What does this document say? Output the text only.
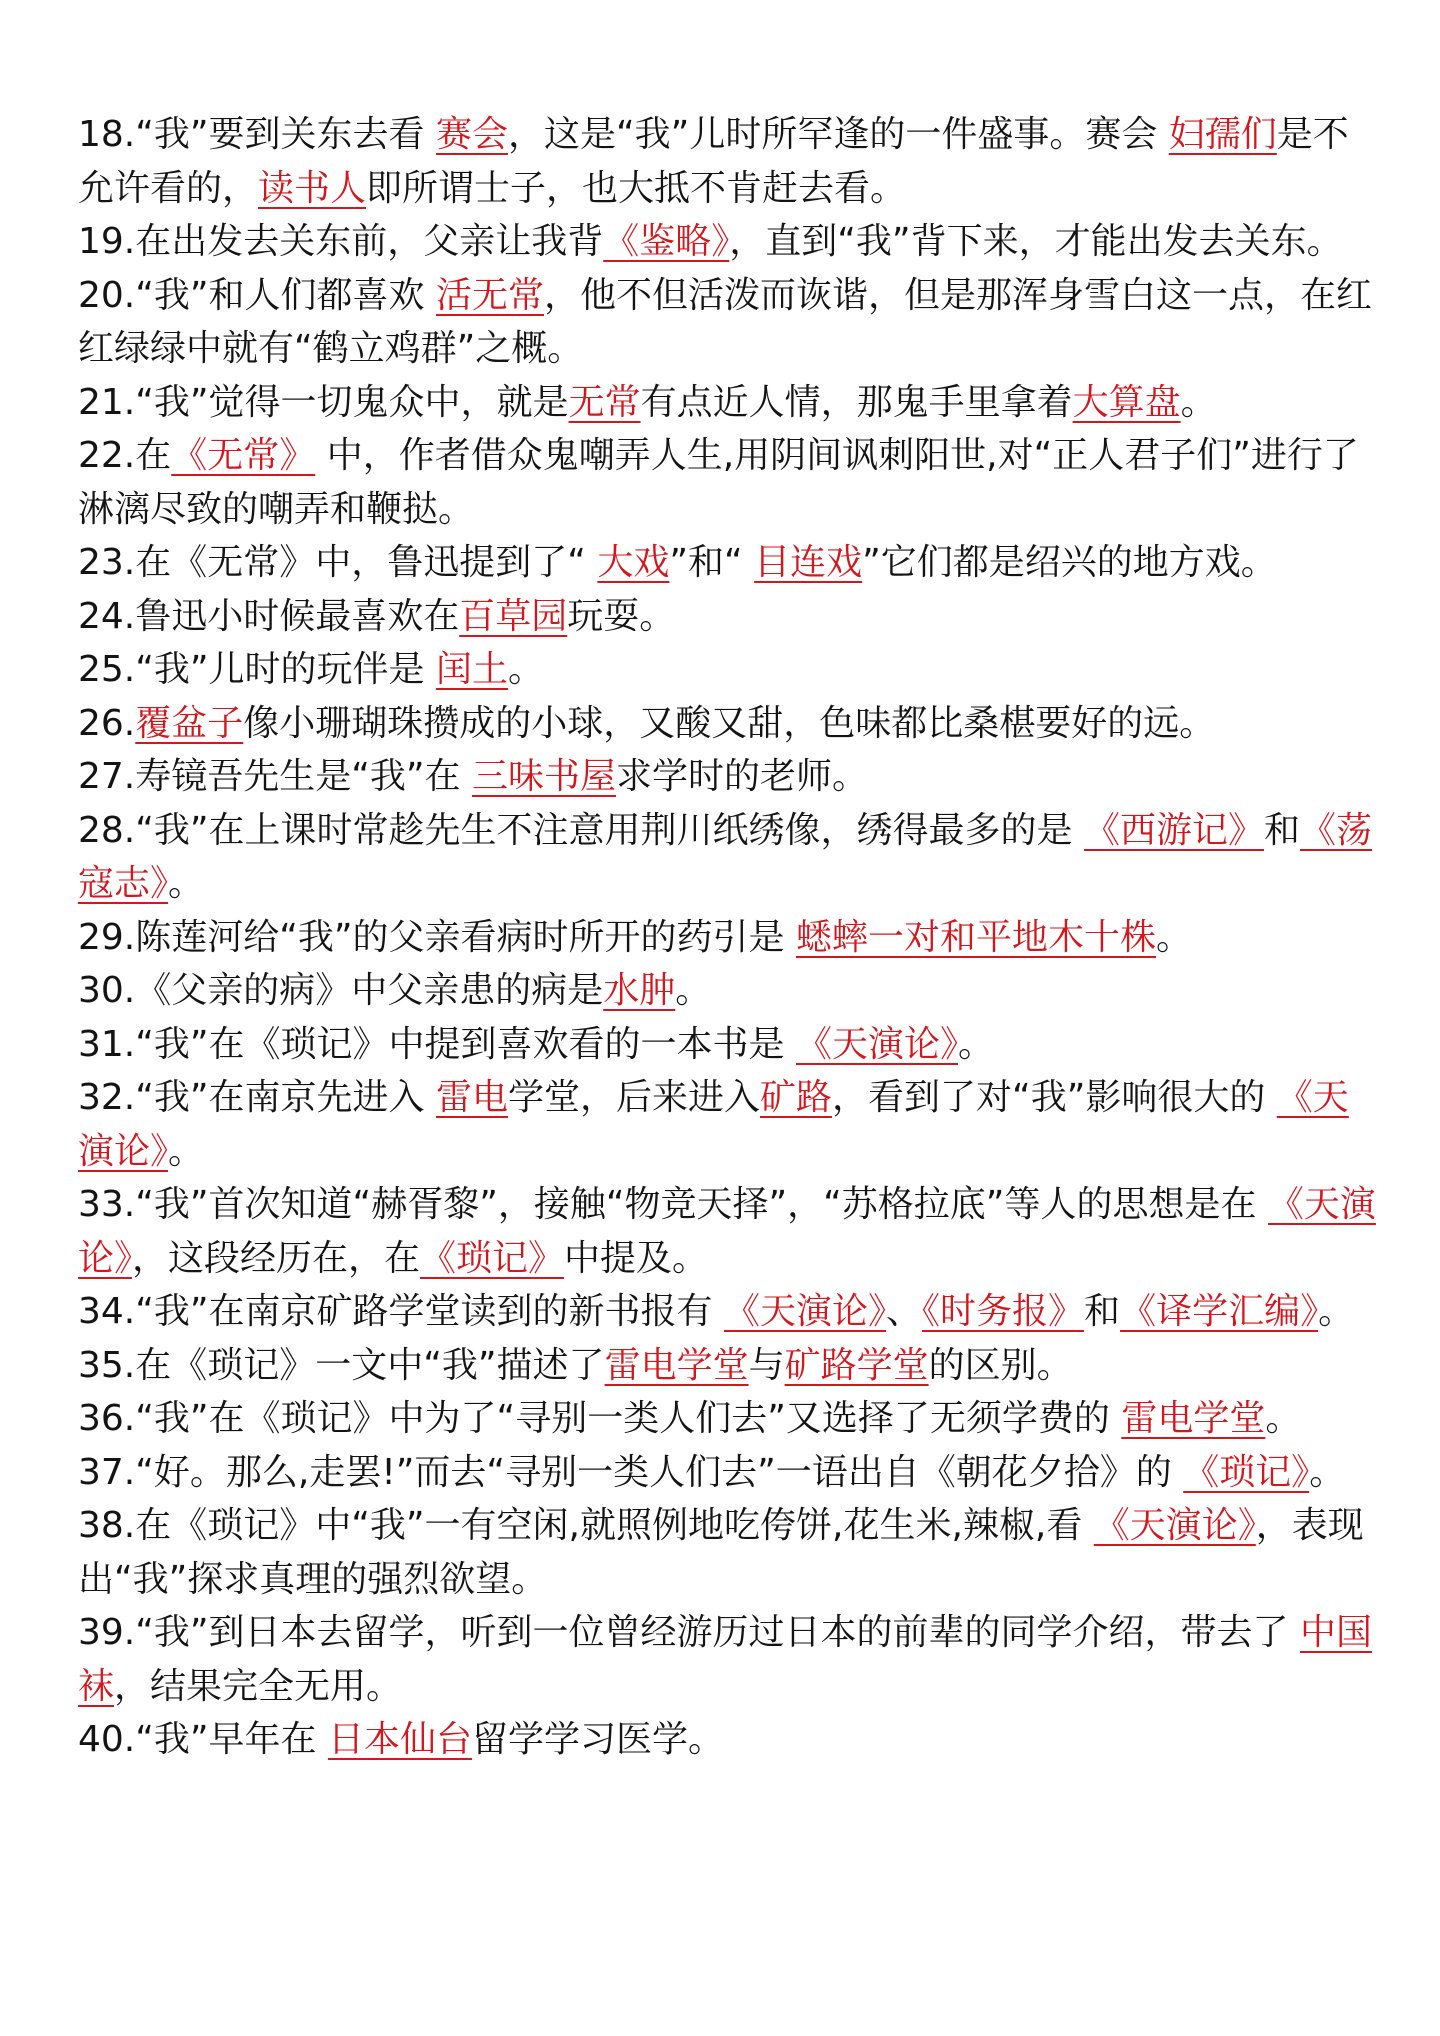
18.“我”要到关东去看 赛会，这是“我”儿时所罕逢的一件盛事。赛会 妇孺们是不允许看的，读书人即所谓士子，也大抵不肯赶去看。

19.在出发去关东前，父亲让我背《鉴略》，直到“我”背下来，才能出发去关东。

20.“我”和人们都喜欢 活无常，他不但活泼而诙谐，但是那浑身雪白这一点，在红红绿绿中就有“鹤立鸡群”之概。

21.“我”觉得一切鬼众中，就是无常有点近人情，那鬼手里拿着大算盘。

22.在《无常》 中，作者借众鬼嘲弄人生,用阴间讽刺阳世,对“正人君子们”进行了淋漓尽致的嘲弄和鞭挞。

23.在《无常》中，鲁迅提到了“ 大戏”和“ 目连戏”它们都是绍兴的地方戏。

24.鲁迅小时候最喜欢在百草园玩耍。

25.“我”儿时的玩伴是 闰土。

26.覆盆子像小珊瑚珠攒成的小球，又酸又甜，色味都比桑椹要好的远。

27.寿镜吾先生是“我”在 三味书屋求学时的老师。

28.“我”在上课时常趁先生不注意用荆川纸绣像，绣得最多的是 《西游记》和《荡寇志》。

29.陈莲河给“我”的父亲看病时所开的药引是 蟋蟀一对和平地木十株。

30.《父亲的病》中父亲患的病是水肿。

31.“我”在《琐记》中提到喜欢看的一本书是 《天演论》。

32.“我”在南京先进入 雷电学堂，后来进入矿路，看到了对“我”影响很大的 《天演论》。

33.“我”首次知道“赫胥黎”，接触“物竞天择”，“苏格拉底”等人的思想是在 《天演论》，这段经历在，在《琐记》中提及。

34.“我”在南京矿路学堂读到的新书报有 《天演论》、《时务报》和《译学汇编》。

35.在《琐记》一文中“我”描述了雷电学堂与矿路学堂的区别。

36.“我”在《琐记》中为了“寻别一类人们去”又选择了无须学费的 雷电学堂。

37.“好。那么,走罢!”而去“寻别一类人们去”一语出自《朝花夕拾》的 《琐记》。

38.在《琐记》中“我”一有空闲,就照例地吃侉饼,花生米,辣椒,看 《天演论》，表现出“我”探求真理的强烈欲望。

39.“我”到日本去留学，听到一位曾经游历过日本的前辈的同学介绍，带去了 中国袜，结果完全无用。

40.“我”早年在 日本仙台留学学习医学。
